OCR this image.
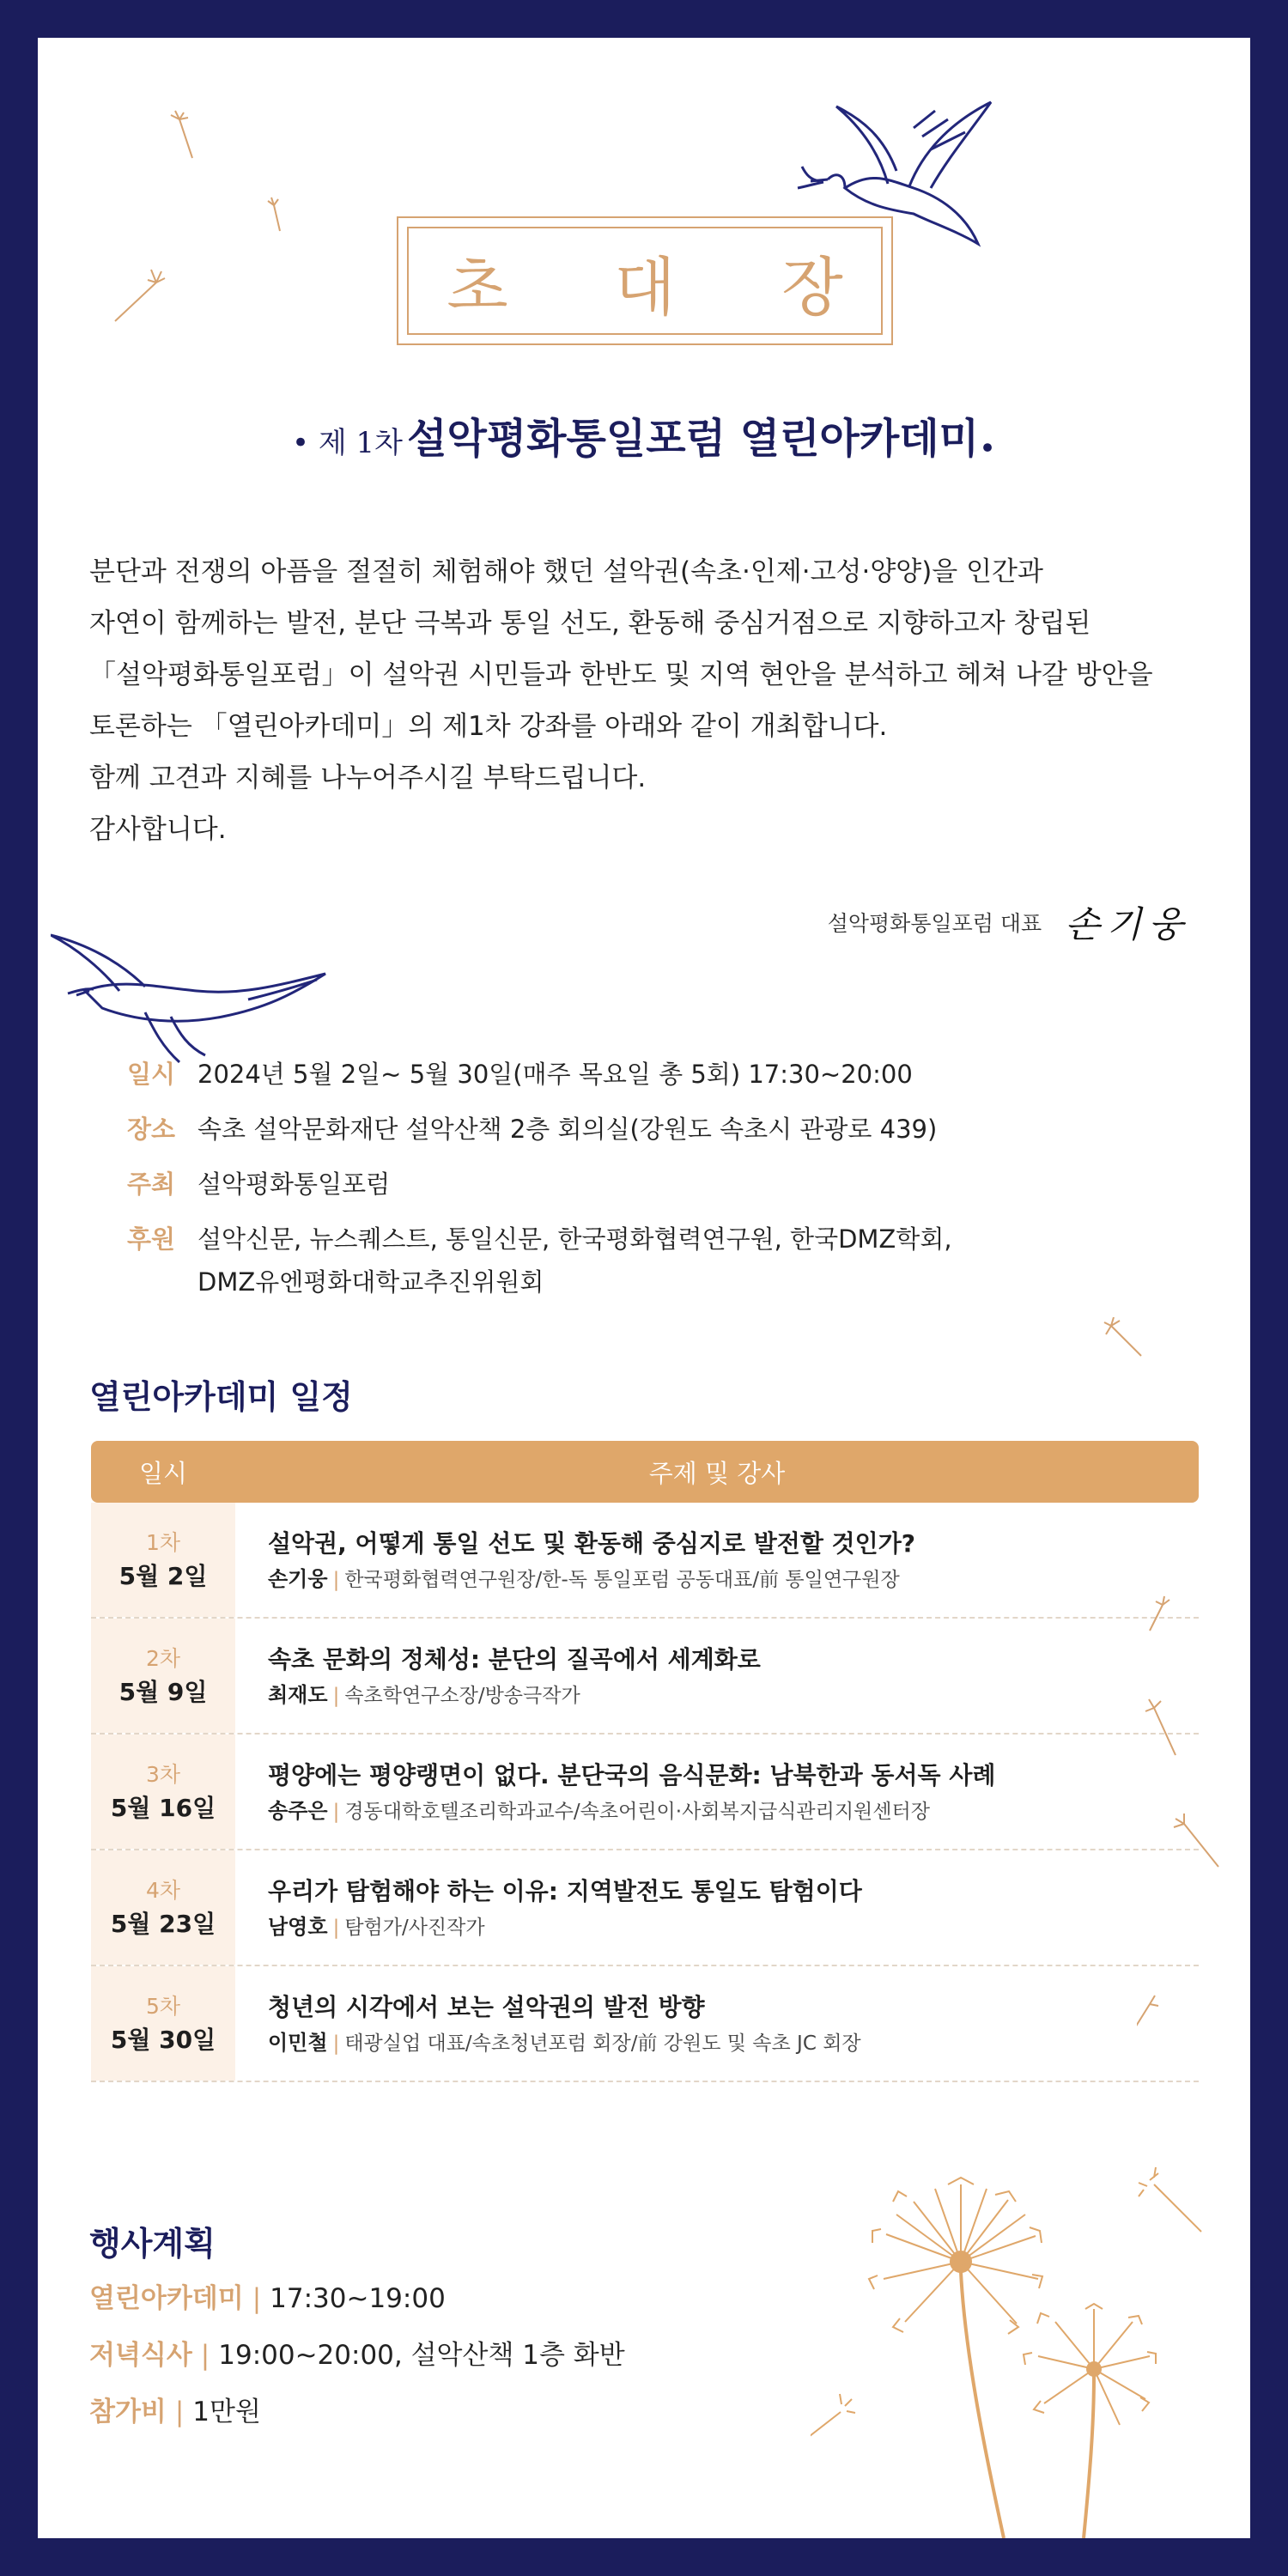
초 대 장
• 제 1차 설악평화통일포럼 열린아카데미•

분단과 전쟁의 아픔을 절절히 체험해야 했던 설악권(속초·인제·고성·양양)을 인간과

자연이 함께하는 발전, 분단 극복과 통일 선도, 환동해 중심거점으로 지향하고자 창립된

「설악평화통일포럼」이 설악권 시민들과 한반도 및 지역 현안을 분석하고 헤쳐 나갈 방안을

토론하는 「열린아카데미」의 제1차 강좌를 아래와 같이 개최합니다.

함께 고견과 지혜를 나누어주시길 부탁드립니다.

감사합니다.

설악평화통일포럼 대표 손기웅
일시 2024년 5월 2일~ 5월 30일(매주 목요일 총 5회) 17:30~20:00
장소 속초 설악문화재단 설악산책 2층 회의실(강원도 속초시 관광로 439)
주최 설악평화통일포럼
후원 설악신문, 뉴스퀘스트, 통일신문, 한국평화협력연구원, 한국DMZ학회,
DMZ유엔평화대학교추진위원회
열린아카데미 일정
일시	주제 및 강사
1차
5월 2일
설악권, 어떻게 통일 선도 및 환동해 중심지로 발전할 것인가?
손기웅 | 한국평화협력연구원장/한-독 통일포럼 공동대표/前 통일연구원장
2차
5월 9일
속초 문화의 정체성: 분단의 질곡에서 세계화로
최재도 | 속초학연구소장/방송극작가
3차
5월 16일
평양에는 평양랭면이 없다. 분단국의 음식문화: 남북한과 동서독 사례
송주은 | 경동대학호텔조리학과교수/속초어린이·사회복지급식관리지원센터장
4차
5월 23일
우리가 탐험해야 하는 이유: 지역발전도 통일도 탐험이다
남영호 | 탐험가/사진작가
5차
5월 30일
청년의 시각에서 보는 설악권의 발전 방향
이민철 | 태광실업 대표/속초청년포럼 회장/前 강원도 및 속초 JC 회장
행사계획
열린아카데미 | 17:30~19:00
저녁식사 | 19:00~20:00, 설악산책 1층 화반
참가비 | 1만원
